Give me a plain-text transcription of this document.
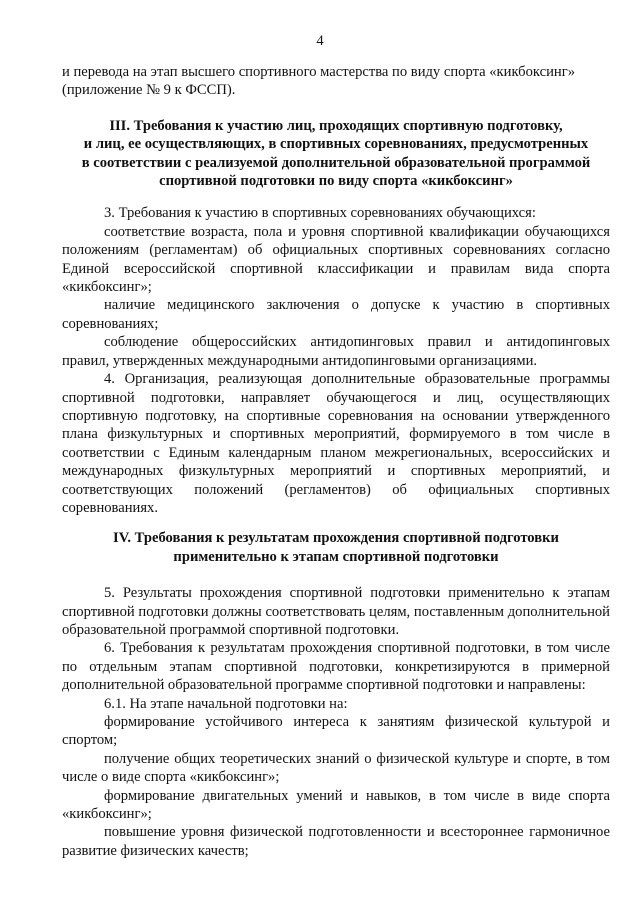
4

и перевода на этап высшего спортивного мастерства по виду спорта «кикбоксинг»

(приложение № 9 к ФССП).

III. Требования к участию лиц, проходящих спортивную подготовку,
и лиц, ее осуществляющих, в спортивных соревнованиях, предусмотренных
в соответствии с реализуемой дополнительной образовательной программой
спортивной подготовки по виду спорта «кикбоксинг»

3. Требования к участию в спортивных соревнованиях обучающихся:

соответствие возраста, пола и уровня спортивной квалификации обучающихся положениям (регламентам) об официальных спортивных соревнованиях согласно Единой всероссийской спортивной классификации и правилам вида спорта «кикбоксинг»;

наличие медицинского заключения о допуске к участию в спортивных соревнованиях;

соблюдение общероссийских антидопинговых правил и антидопинговых правил, утвержденных международными антидопинговыми организациями.

4. Организация, реализующая дополнительные образовательные программы спортивной подготовки, направляет обучающегося и лиц, осуществляющих спортивную подготовку, на спортивные соревнования на основании утвержденного плана физкультурных и спортивных мероприятий, формируемого в том числе в соответствии с Единым календарным планом межрегиональных, всероссийских и международных физкультурных мероприятий и спортивных мероприятий, и соответствующих положений (регламентов) об официальных спортивных соревнованиях.

IV. Требования к результатам прохождения спортивной подготовки
применительно к этапам спортивной подготовки

5. Результаты прохождения спортивной подготовки применительно к этапам спортивной подготовки должны соответствовать целям, поставленным дополнительной образовательной программой спортивной подготовки.

6. Требования к результатам прохождения спортивной подготовки, в том числе по отдельным этапам спортивной подготовки, конкретизируются в примерной дополнительной образовательной программе спортивной подготовки и направлены:

6.1. На этапе начальной подготовки на:

формирование устойчивого интереса к занятиям физической культурой и спортом;

получение общих теоретических знаний о физической культуре и спорте, в том числе о виде спорта «кикбоксинг»;

формирование двигательных умений и навыков, в том числе в виде спорта «кикбоксинг»;

повышение уровня физической подготовленности и всестороннее гармоничное развитие физических качеств;
